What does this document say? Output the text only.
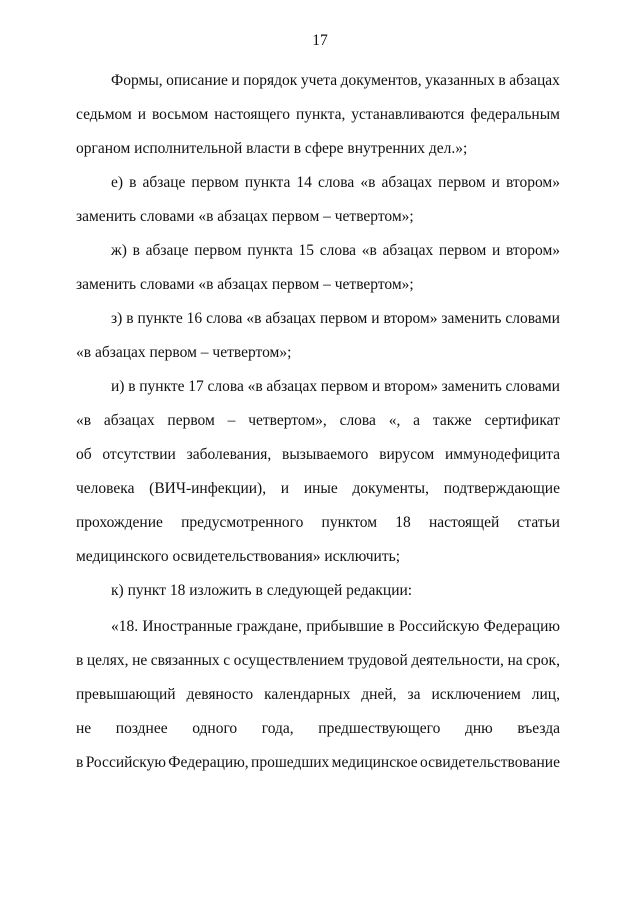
17
Формы, описание и порядок учета документов, указанных в абзацах
седьмом и восьмом настоящего пункта, устанавливаются федеральным
органом исполнительной власти в сфере внутренних дел.»;
е) в абзаце первом пункта 14 слова «в абзацах первом и втором»
заменить словами «в абзацах первом – четвертом»;
ж) в абзаце первом пункта 15 слова «в абзацах первом и втором»
заменить словами «в абзацах первом – четвертом»;
з) в пункте 16 слова «в абзацах первом и втором» заменить словами
«в абзацах первом – четвертом»;
и) в пункте 17 слова «в абзацах первом и втором» заменить словами
«в абзацах первом – четвертом», слова «, а также сертификат
об отсутствии заболевания, вызываемого вирусом иммунодефицита
человека (ВИЧ-инфекции), и иные документы, подтверждающие
прохождение предусмотренного пунктом 18 настоящей статьи
медицинского освидетельствования» исключить;
к) пункт 18 изложить в следующей редакции:
«18. Иностранные граждане, прибывшие в Российскую Федерацию
в целях, не связанных с осуществлением трудовой деятельности, на срок,
превышающий девяносто календарных дней, за исключением лиц,
не позднее одного года, предшествующего дню въезда
в Российскую Федерацию, прошедших медицинское освидетельствование
